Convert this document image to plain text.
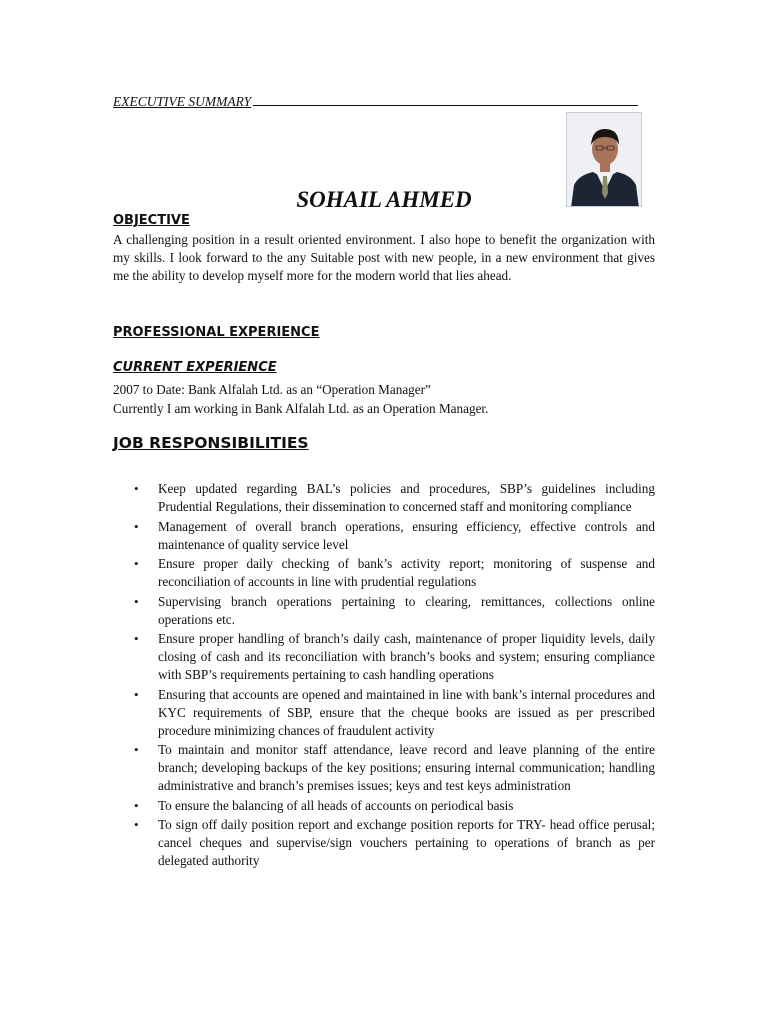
EXECUTIVE SUMMARY
SOHAIL AHMED
OBJECTIVE

A challenging position in a result oriented environment. I also hope to benefit the organization with my skills. I look forward to the any Suitable post with new people, in a new environment that gives me the ability to develop myself more for the modern world that lies ahead.

PROFESSIONAL EXPERIENCE
CURRENT EXPERIENCE
2007 to Date: Bank Alfalah Ltd. as an “Operation Manager”
Currently I am working in Bank Alfalah Ltd. as an Operation Manager.
JOB RESPONSIBILITIES
•	Keep updated regarding BAL’s policies and procedures, SBP’s guidelines including Prudential Regulations, their dissemination to concerned staff and monitoring compliance
•	Management of overall branch operations, ensuring efficiency, effective controls and maintenance of quality service level
•	Ensure proper daily checking of bank’s activity report; monitoring of suspense and reconciliation of accounts in line with prudential regulations
•	Supervising branch operations pertaining to clearing, remittances, collections online operations etc.
•	Ensure proper handling of branch’s daily cash, maintenance of proper liquidity levels, daily closing of cash and its reconciliation with branch’s books and system; ensuring compliance with SBP’s requirements pertaining to cash handling operations
•	Ensuring that accounts are opened and maintained in line with bank’s internal procedures and KYC requirements of SBP, ensure that the cheque books are issued as per prescribed procedure minimizing chances of fraudulent activity
•	To maintain and monitor staff attendance, leave record and leave planning of the entire branch; developing backups of the key positions; ensuring internal communication; handling administrative and branch’s premises issues; keys and test keys administration
•	To ensure the balancing of all heads of accounts on periodical basis
•	To sign off daily position report and exchange position reports for TRY- head office perusal; cancel cheques and supervise/sign vouchers pertaining to operations of branch as per delegated authority
